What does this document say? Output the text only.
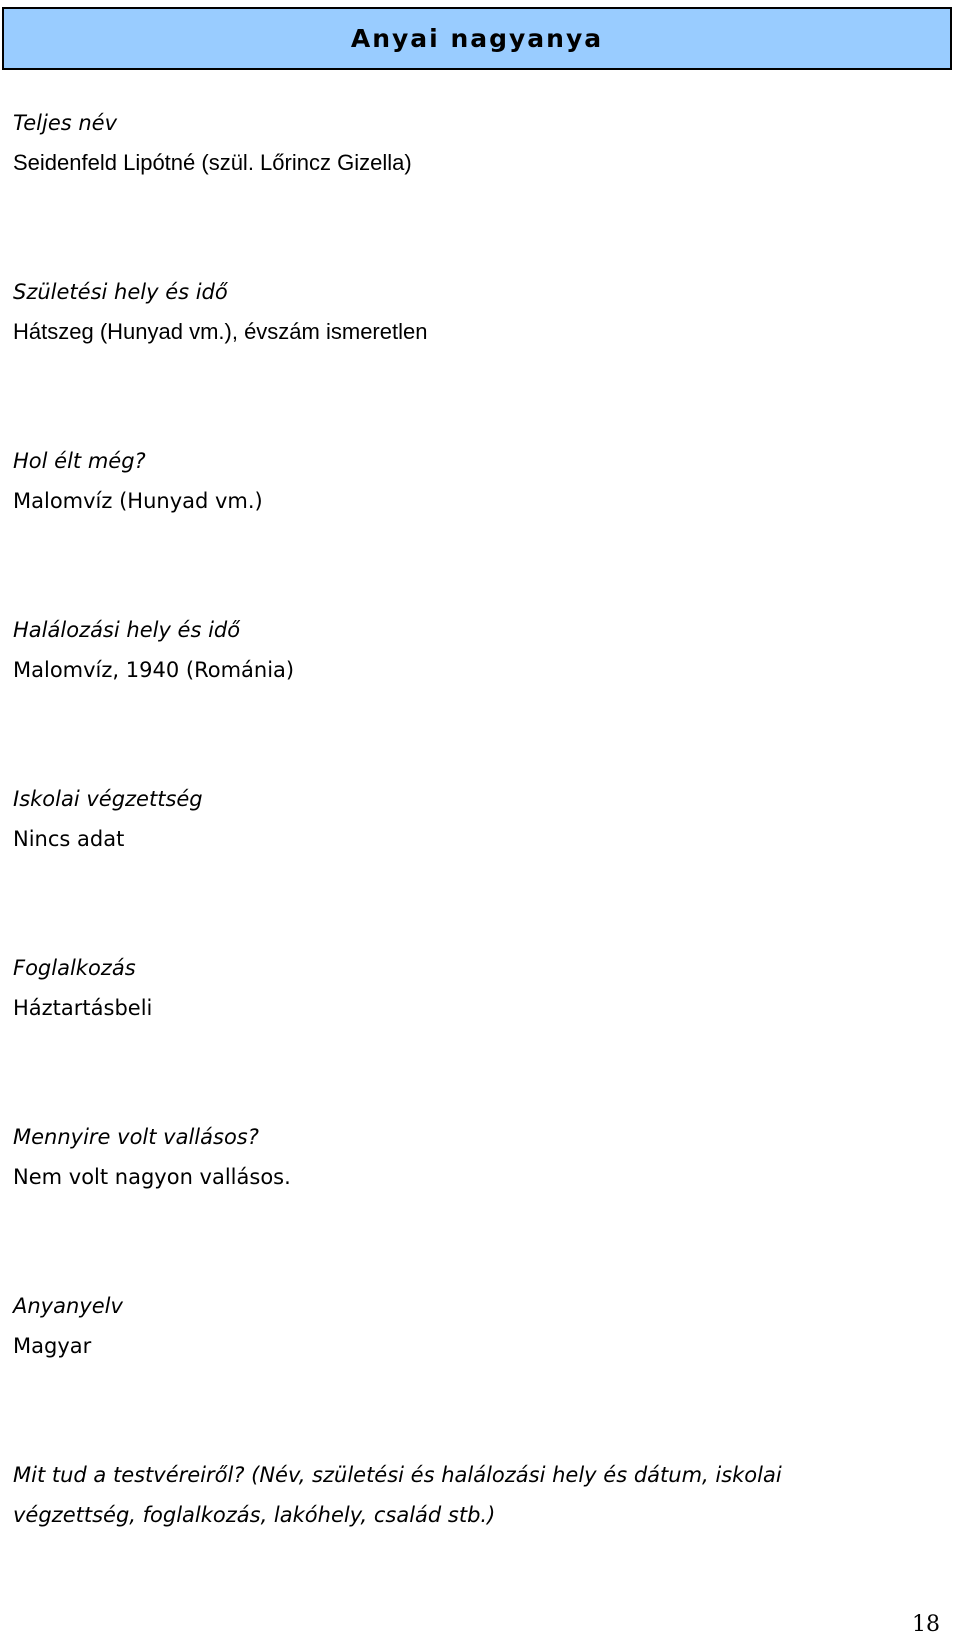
Anyai nagyanya
Teljes név
Seidenfeld Lipótné (szül. Lőrincz Gizella)
Születési hely és idő
Hátszeg (Hunyad vm.), évszám ismeretlen
Hol élt még?
Malomvíz (Hunyad vm.)
Halálozási hely és idő
Malomvíz, 1940 (Románia)
Iskolai végzettség
Nincs adat
Foglalkozás
Háztartásbeli
Mennyire volt vallásos?
Nem volt nagyon vallásos.
Anyanyelv
Magyar
Mit tud a testvéreiről? (Név, születési és halálozási hely és dátum, iskolai
végzettség, foglalkozás, lakóhely, család stb.)
18
